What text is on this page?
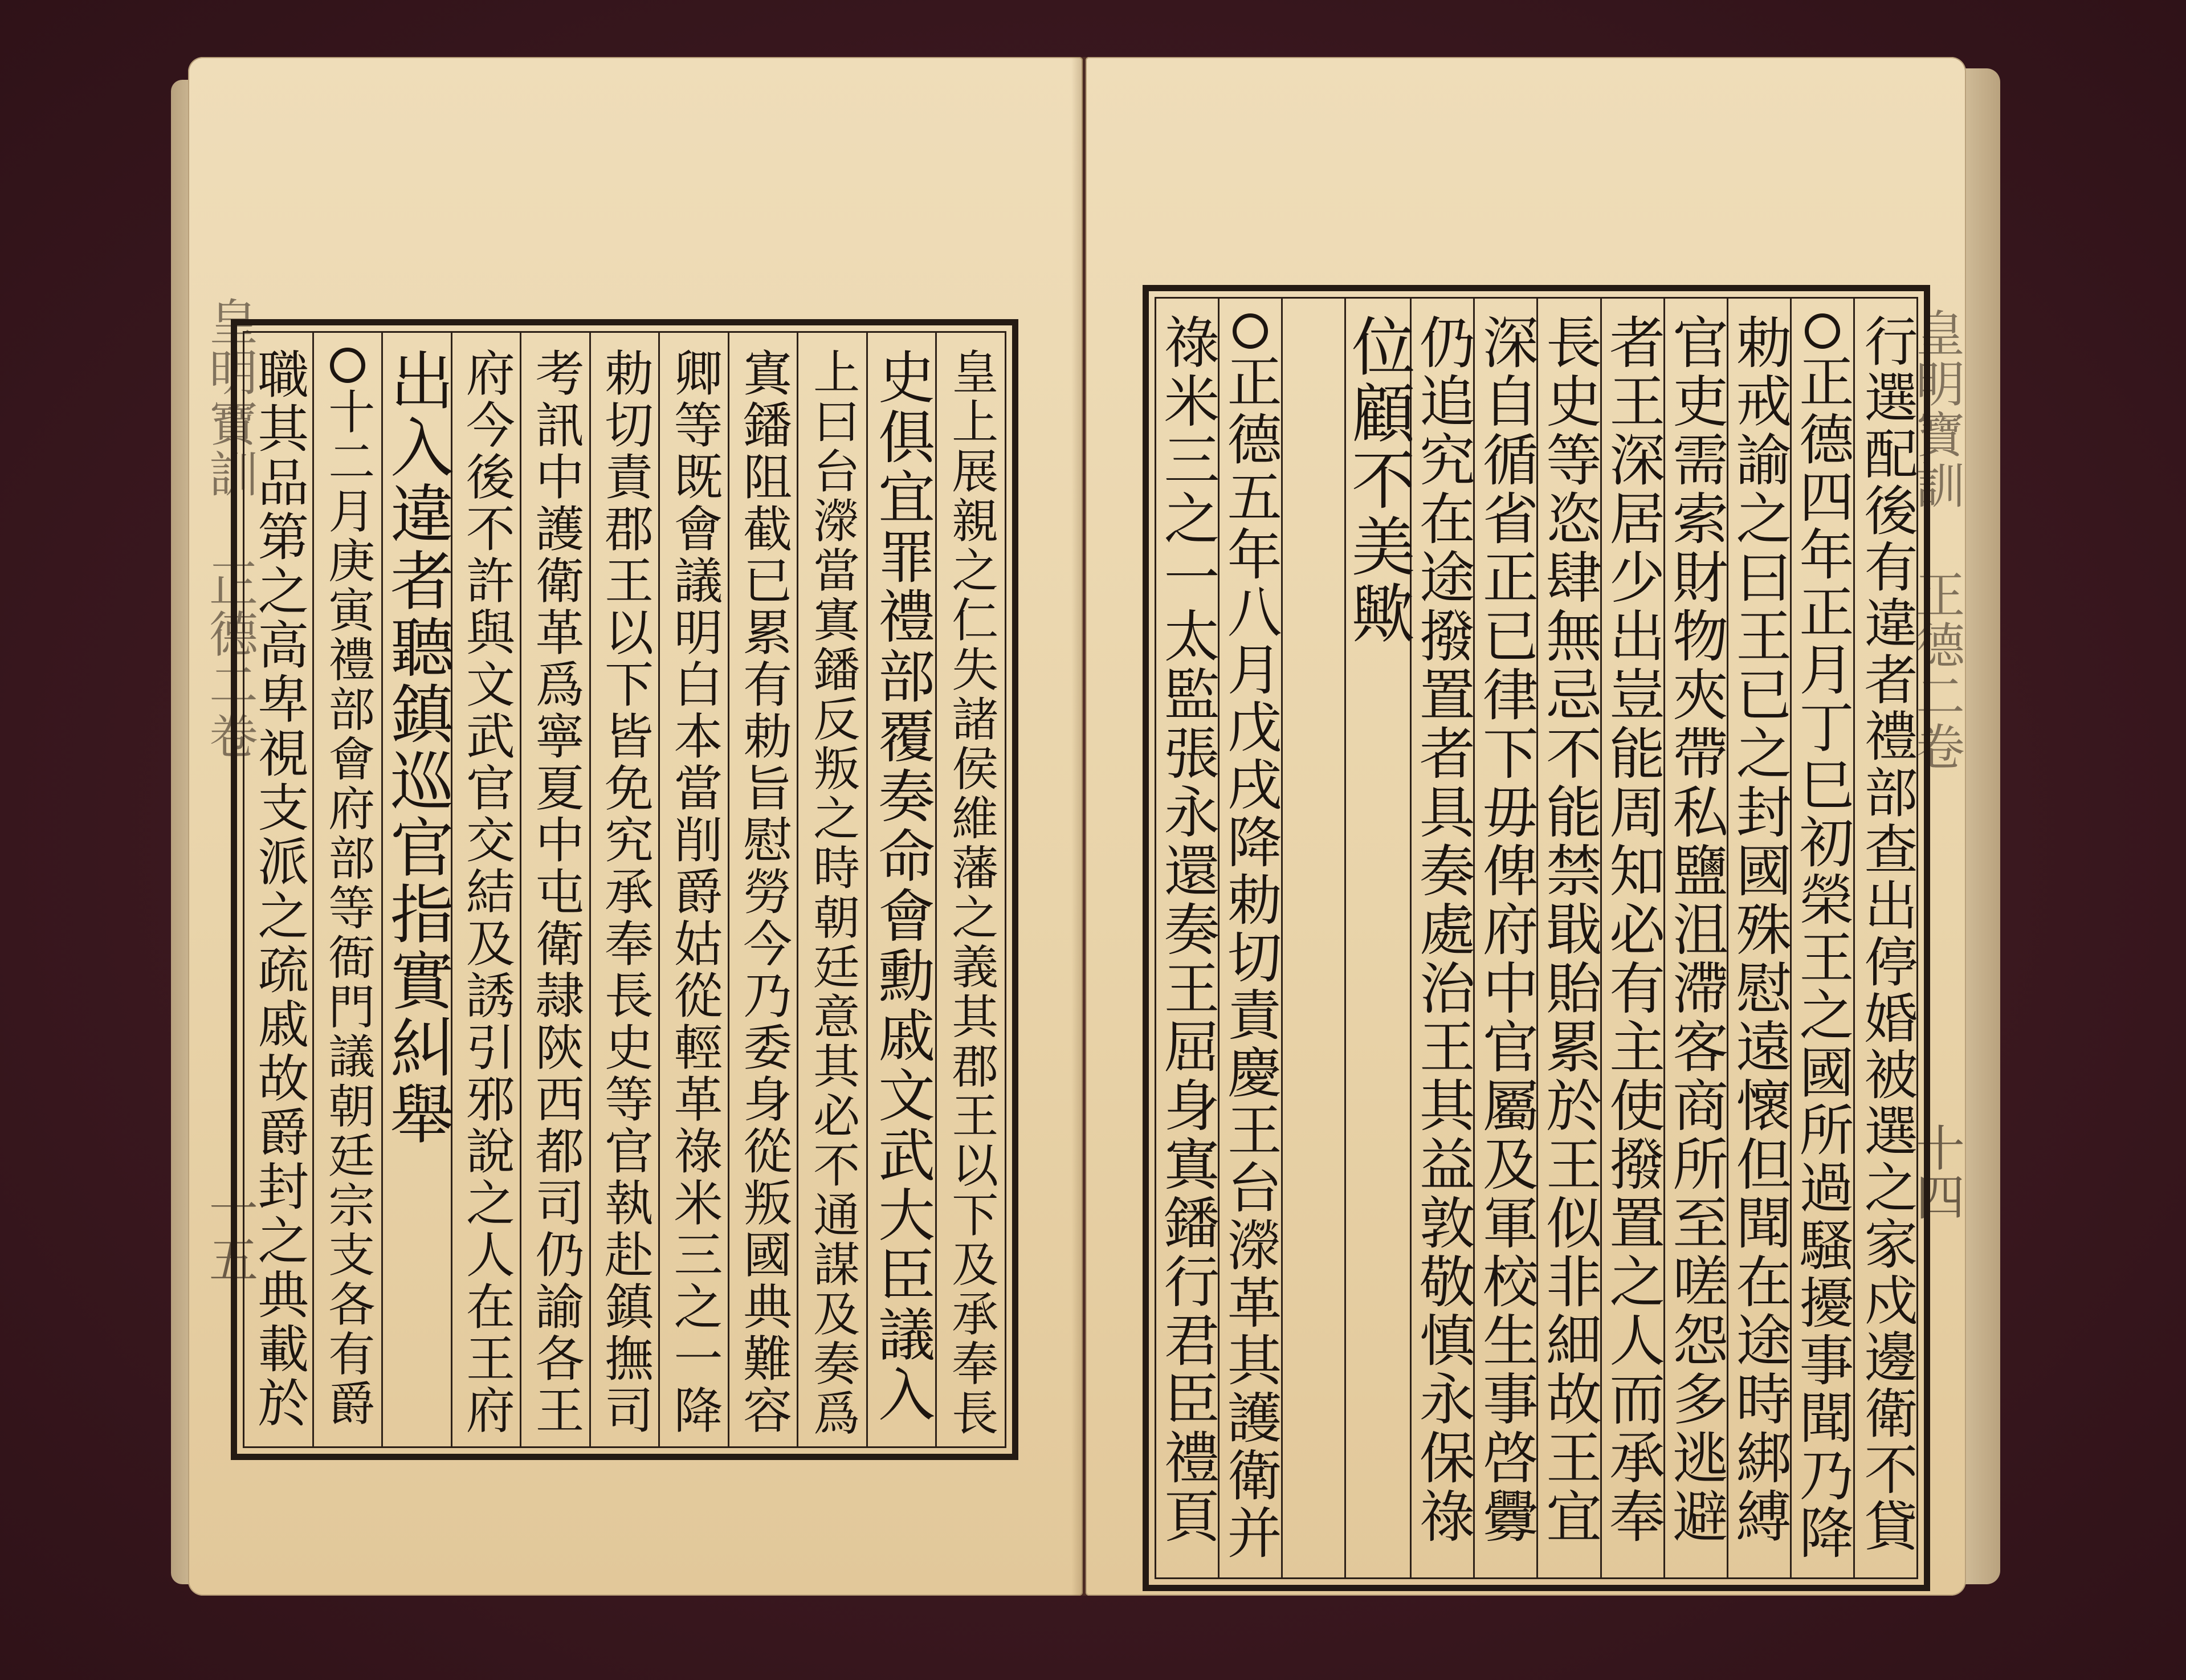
皇明寶訓 正德二卷
十五	皇上展親之仁失諸侯維藩之義其郡王以下及承奉長
史俱宜罪禮部覆奏命會勳戚文武大臣議入
上曰台濴當寘鐇反叛之時朝廷意其必不通謀及奏爲
寘鐇阻截已累有勅旨慰勞今乃委身從叛國典難容
卿等既會議明白本當削爵姑從輕革祿米三之一降
勅切責郡王以下皆免究承奉長史等官執赴鎮撫司
考訊中護衛革爲寧夏中屯衛隷陝西都司仍諭各王
府今後不許與文武官交結及誘引邪說之人在王府
出入違者聽鎮巡官指實糾舉
十二月庚寅禮部會府部等衙門議朝廷宗支各有爵
職其品第之高卑視支派之疏戚故爵封之典載於	皇明寶訓 正德二卷
十四
行選配後有違者禮部查出停婚被選之家戍邊衛不貸
正德四年正月丁巳初榮王之國所過騷擾事聞乃降
勅戒諭之曰王已之封國殊慰遠懷但聞在途時綁縛
官吏需索財物夾帶私鹽沮滯客商所至嗟怨多逃避
者王深居少出豈能周知必有主使撥置之人而承奉
長史等恣肆無忌不能禁戢貽累於王似非細故王宜
深自循省正已律下毋俾府中官屬及軍校生事啓釁
仍追究在途撥置者具奏處治王其益敦敬慎永保祿
位顧不美歟
正德五年八月戊戌降勅切責慶王台濴革其護衛并
祿米三之一太監張永還奏王屈身寘鐇行君臣禮頁
